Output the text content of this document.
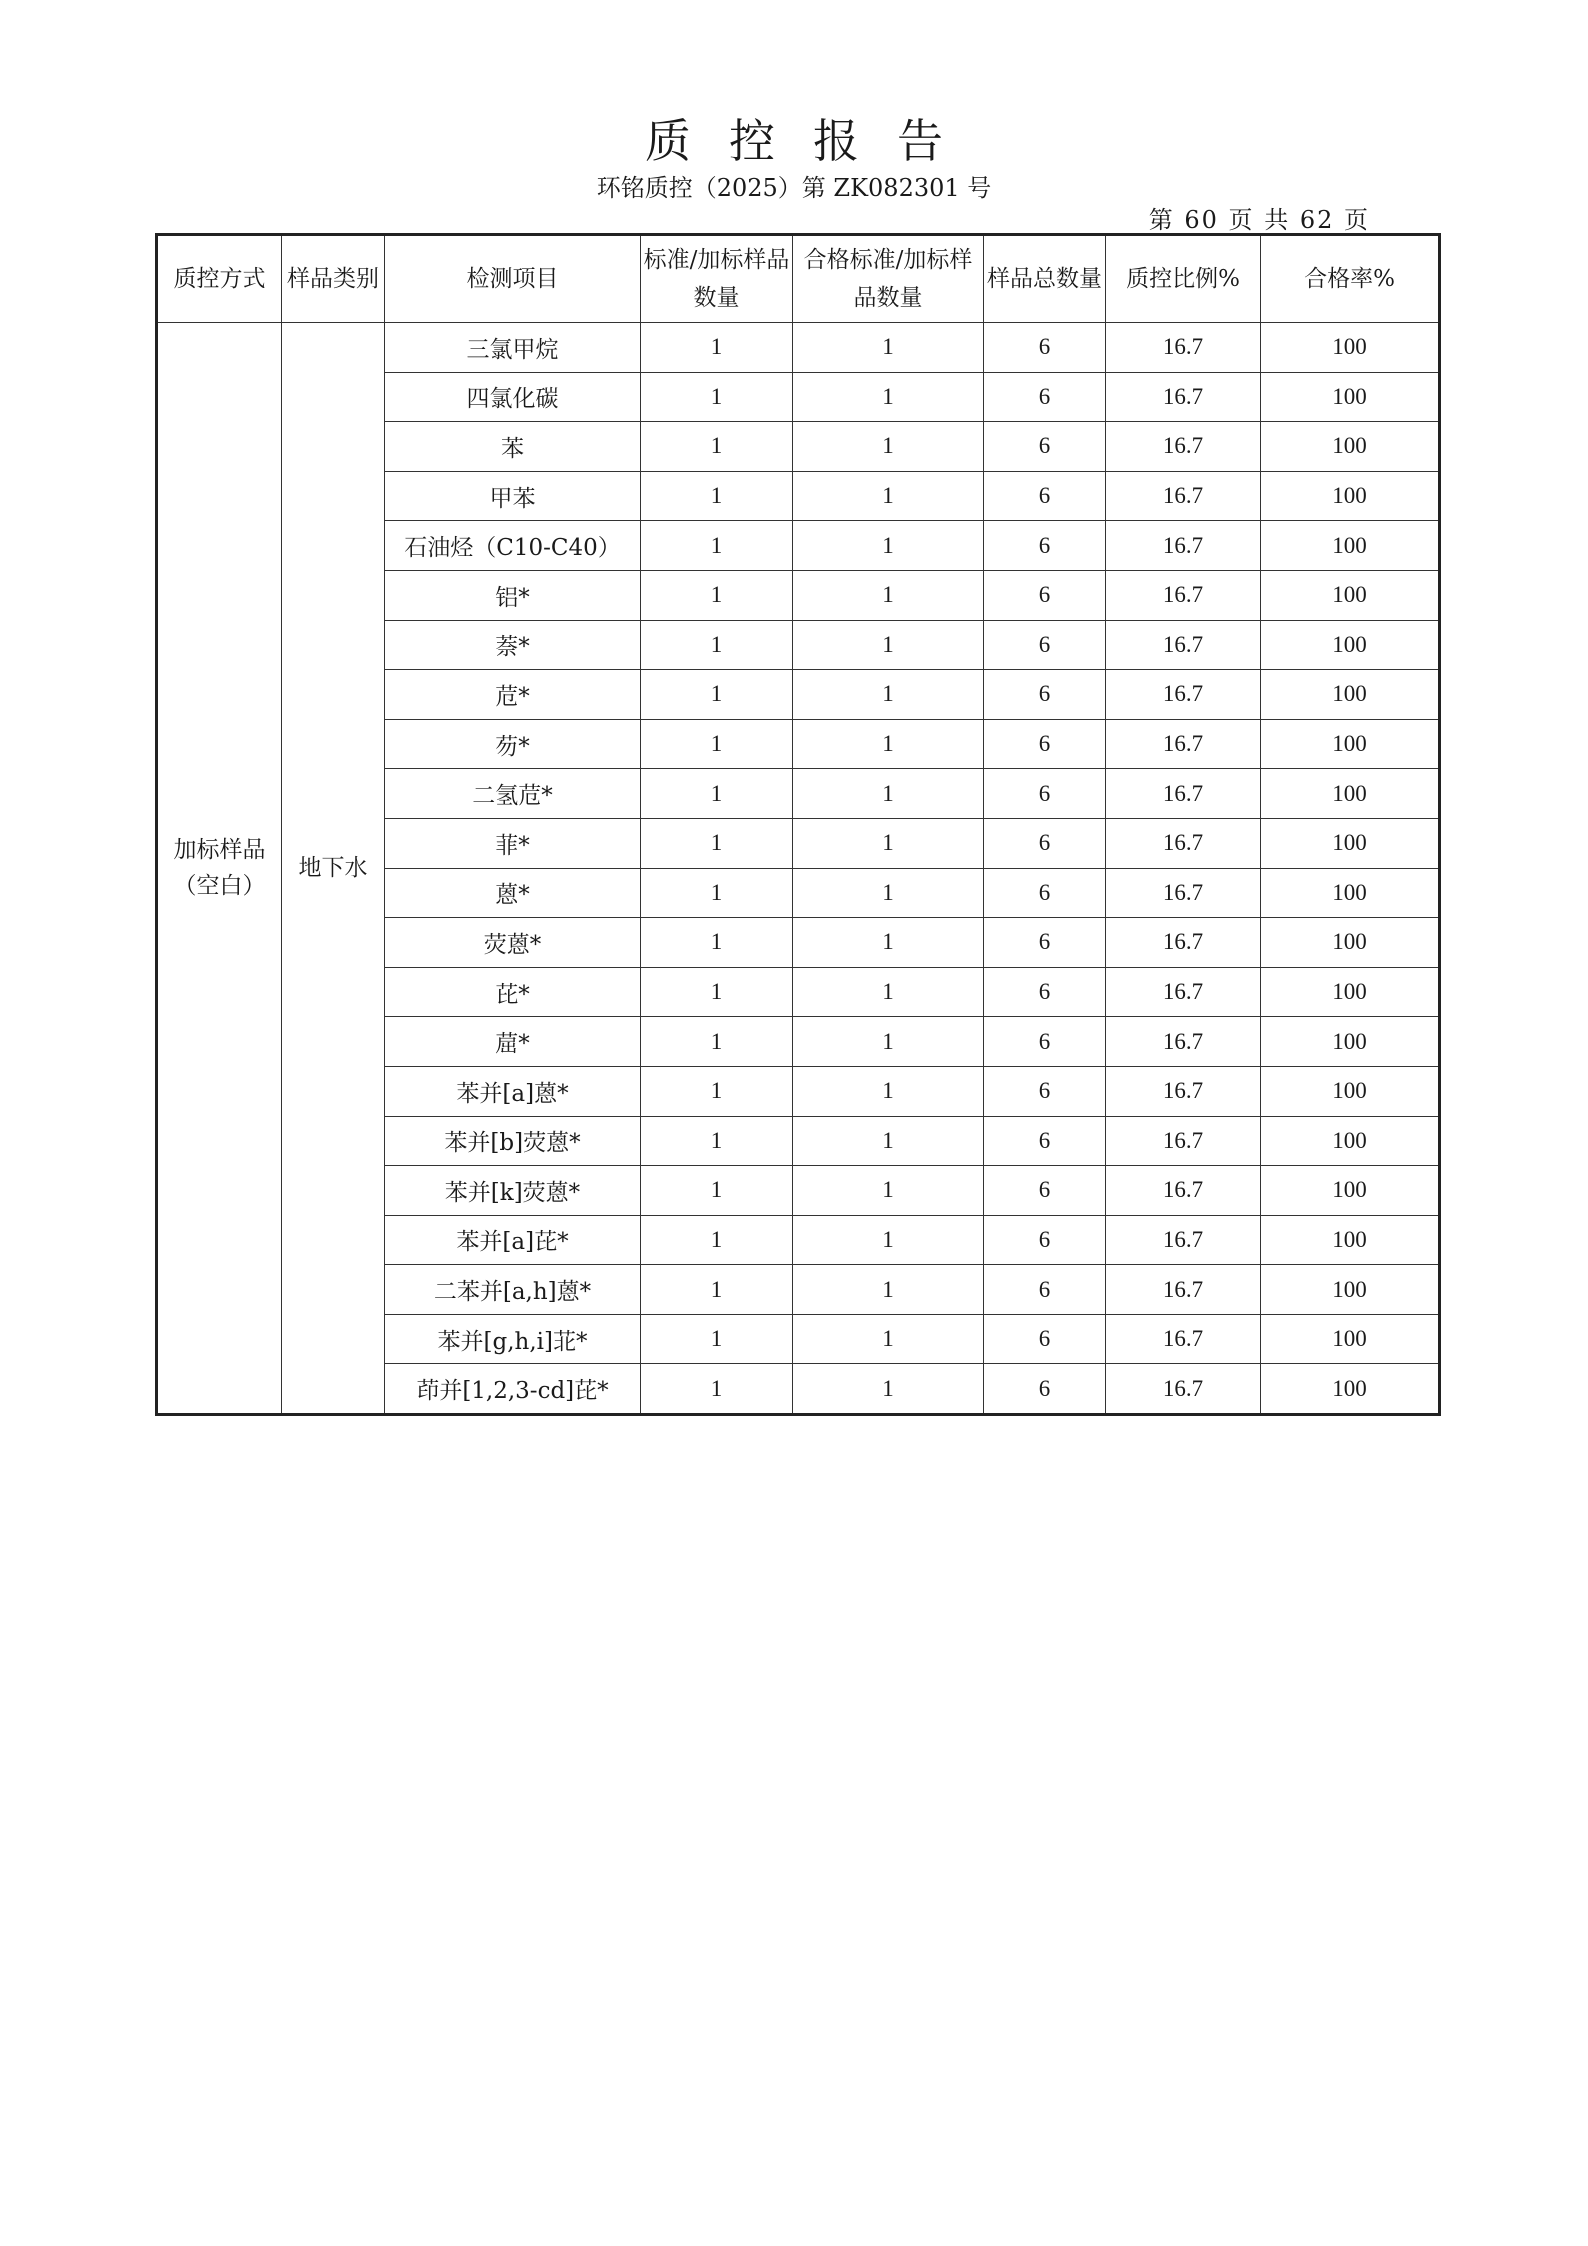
质控报告
环铭质控（2025）第 ZK082301 号
第 60 页 共 62 页
质控方式	样品类别	检测项目	标准/加标样品数量	合格标准/加标样品数量	样品总数量	质控比例%	合格率%
加标样品（空白）	地下水	三氯甲烷	1	1	6	16.7	100
		四氯化碳	1	1	6	16.7	100
		苯	1	1	6	16.7	100
		甲苯	1	1	6	16.7	100
		石油烃（C10-C40）	1	1	6	16.7	100
		铝*	1	1	6	16.7	100
		萘*	1	1	6	16.7	100
		苊*	1	1	6	16.7	100
		芴*	1	1	6	16.7	100
		二氢苊*	1	1	6	16.7	100
		菲*	1	1	6	16.7	100
		蒽*	1	1	6	16.7	100
		荧蒽*	1	1	6	16.7	100
		芘*	1	1	6	16.7	100
		䓛*	1	1	6	16.7	100
		苯并[a]蒽*	1	1	6	16.7	100
		苯并[b]荧蒽*	1	1	6	16.7	100
		苯并[k]荧蒽*	1	1	6	16.7	100
		苯并[a]芘*	1	1	6	16.7	100
		二苯并[a,h]蒽*	1	1	6	16.7	100
		苯并[g,h,i]苝*	1	1	6	16.7	100
		茚并[1,2,3-cd]芘*	1	1	6	16.7	100
